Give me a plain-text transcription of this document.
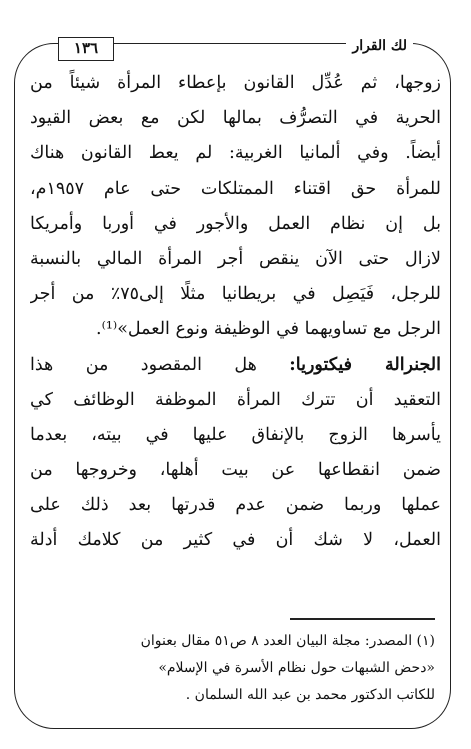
لك القرار
١٣٦
زوجها، ثم عُدِّل القانون بإعطاء المرأة شيئاً من
الحرية في التصرُّف بمالها لكن مع بعض القيود
أيضاً. وفي ألمانيا الغربية: لم يعط القانون هناك
للمرأة حق اقتناء الممتلكات حتى عام ١٩٥٧م،
بل إن نظام العمل والأجور في أوربا وأمريكا
لازال حتى الآن ينقص أجر المرأة المالي بالنسبة
للرجل، فَيَصِل في بريطانيا مثلًا إلى٧٥٪ من أجر
الرجل مع تساويهما في الوظيفة ونوع العمل»⁽¹⁾.
الجنرالة فيكتوريا: هل المقصود من هذا
التعقيد أن تترك المرأة الموظفة الوظائف كي
يأسرها الزوج بالإنفاق عليها في بيته، بعدما
ضمن انقطاعها عن بيت أهلها، وخروجها من
عملها وربما ضمن عدم قدرتها بعد ذلك على
العمل، لا شك أن في كثير من كلامك أدلة
(١) المصدر: مجلة البيان العدد ٨ ص٥١ مقال بعنوان
«دحض الشبهات حول نظام الأسرة في الإسلام»
للكاتب الدكتور محمد بن عبد الله السلمان .
